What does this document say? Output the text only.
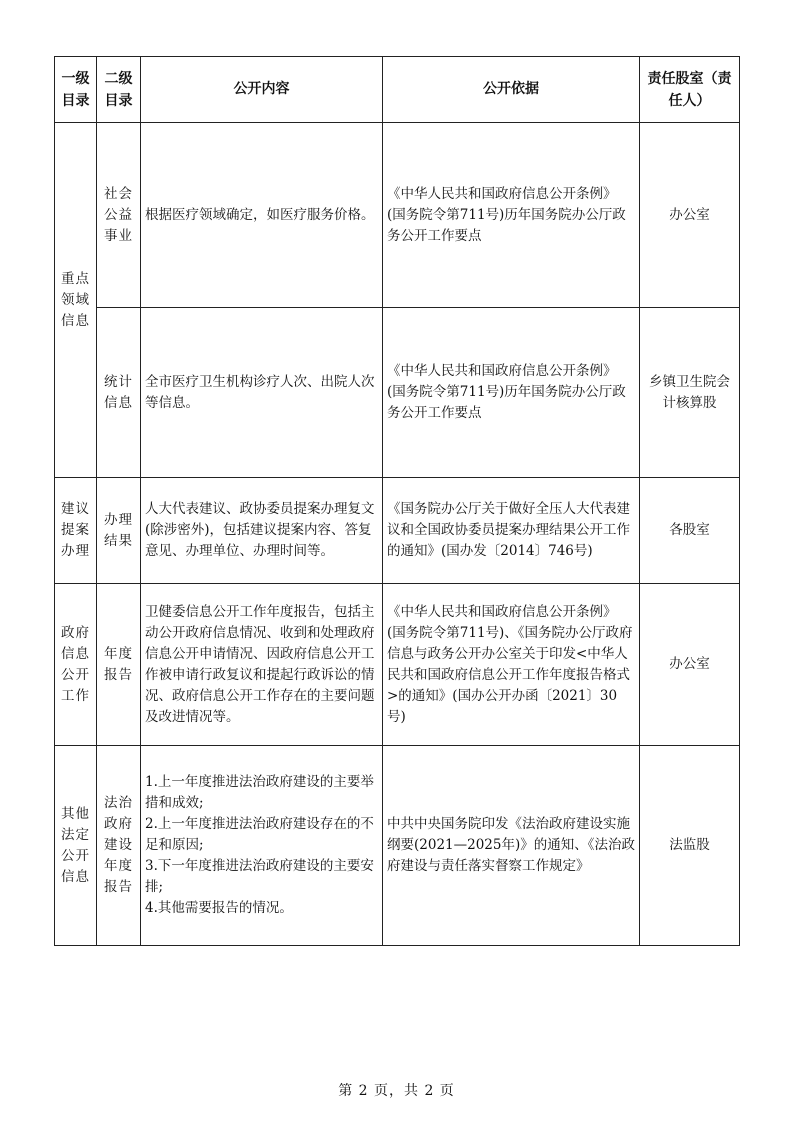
一级目录	二级目录	公开内容	公开依据	责任股室（责任人）
重点领域信息	社会公益事业	根据医疗领域确定，如医疗服务价格。	《中华人民共和国政府信息公开条例》(国务院令第711号)历年国务院办公厅政务公开工作要点	办公室
	统计信息	全市医疗卫生机构诊疗人次、出院人次等信息。	《中华人民共和国政府信息公开条例》(国务院令第711号)历年国务院办公厅政务公开工作要点	乡镇卫生院会计核算股
建议提案办理	办理结果	人大代表建议、政协委员提案办理复文(除涉密外)，包括建议提案内容、答复意见、办理单位、办理时间等。	《国务院办公厅关于做好全压人大代表建议和全国政协委员提案办理结果公开工作的通知》(国办发〔2014〕746号)	各股室
政府信息公开工作	年度报告	卫健委信息公开工作年度报告，包括主动公开政府信息情况、收到和处理政府信息公开申请情况、因政府信息公开工作被申请行政复议和提起行政诉讼的情况、政府信息公开工作存在的主要问题及改进情况等。	《中华人民共和国政府信息公开条例》(国务院令第711号)、《国务院办公厅政府信息与政务公开办公室关于印发<中华人民共和国政府信息公开工作年度报告格式>的通知》(国办公开办函〔2021〕30号)	办公室
其他法定公开信息	法治政府建设年度报告	1.上一年度推进法治政府建设的主要举措和成效;
2.上一年度推进法治政府建设存在的不足和原因;
3.下一年度推进法治政府建设的主要安排;
4.其他需要报告的情况。	中共中央国务院印发《法治政府建设实施纲要(2021—2025年)》的通知、《法治政府建设与责任落实督察工作规定》	法监股
第 2 页，共 2 页
